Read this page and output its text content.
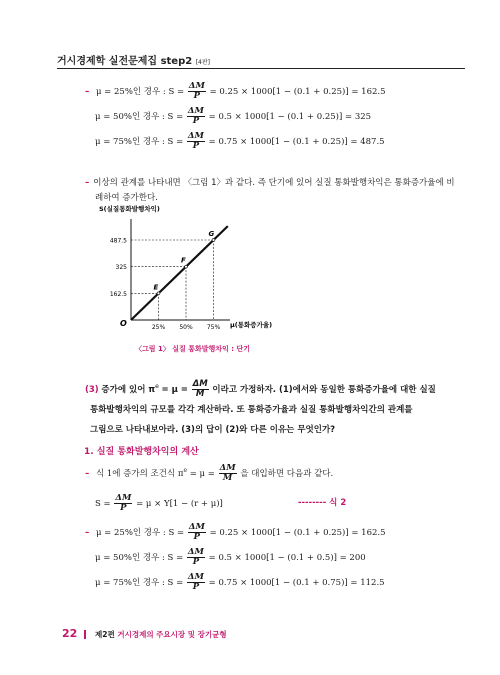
거시경제학 실전문제집 step2 [4판]
– μ = 25%인 경우 : $S = \frac{\Delta M}{P} = 0.25 \times 1000[1 - (0.1 + 0.25)] = 162.5$
μ = 50%인 경우 : $S = \frac{\Delta M}{P} = 0.5 \times 1000[1 - (0.1 + 0.25)] = 325$
μ = 75%인 경우 : $S = \frac{\Delta M}{P} = 0.75 \times 1000[1 - (0.1 + 0.25)] = 487.5$
– 이상의 관계를 나타내면 〈그림 1〉과 같다. 즉 단기에 있어 실질 통화발행차익은 통화증가율에 비
례하여 증가한다.
S(실질통화발행차익)
μ(통화증가율)
O
162.5
25%
325
50%
487.5
75%
E
F
G
〈그림 1〉 실질 통화발행차익 : 단기
(3) 증가에 있어 $\pi^e = \mu = \frac{\Delta M}{M}$ 이라고 가정하자. (1)에서와 동일한 통화증가율에 대한 실질
통화발행차익의 규모를 각각 계산하라. 또 통화증가율과 실질 통화발행차익간의 관계를
그림으로 나타내보아라. (3)의 답이 (2)와 다른 이유는 무엇인가?
1. 실질 통화발행차익의 계산
– 식 1에 증가의 조건식 $\pi^e = \mu = \frac{\Delta M}{M}$ 을 대입하면 다음과 같다.
$S = \frac{\Delta M}{P} = \mu \times Y[1 - (r + \mu)]$	-------- 식 2
– μ = 25%인 경우 : $S = \frac{\Delta M}{P} = 0.25 \times 1000[1 - (0.1 + 0.25)] = 162.5$
μ = 50%인 경우 : $S = \frac{\Delta M}{P} = 0.5 \times 1000[1 - (0.1 + 0.5)] = 200$
μ = 75%인 경우 : $S = \frac{\Delta M}{P} = 0.75 \times 1000[1 - (0.1 + 0.75)] = 112.5$
22 제2편 거시경제의 주요시장 및 장기균형
